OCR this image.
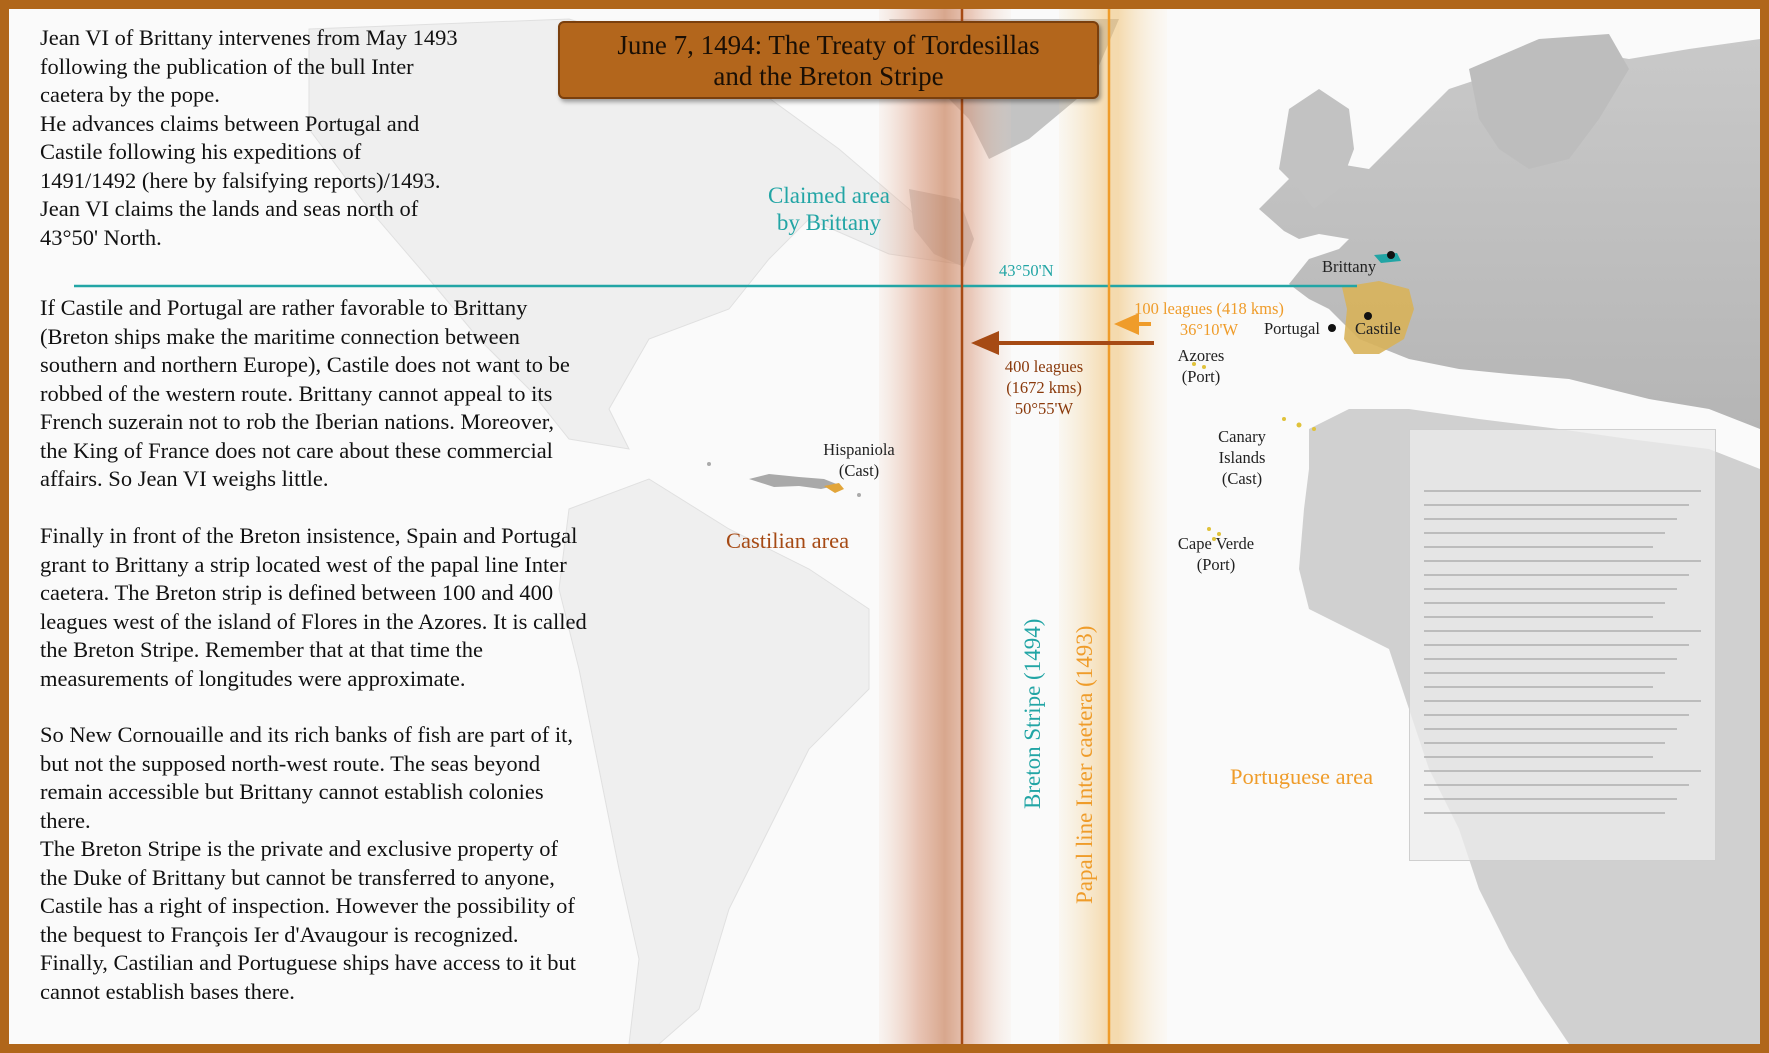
June 7, 1494: The Treaty of Tordesillas
and the Breton Stripe
Jean VI of Brittany intervenes from May 1493
following the publication of the bull Inter
caetera by the pope.
He advances claims between Portugal and
Castile following his expeditions of
1491/1492 (here by falsifying reports)/1493.
Jean VI claims the lands and seas north of
43°50' North.
If Castile and Portugal are rather favorable to Brittany
(Breton ships make the maritime connection between
southern and northern Europe), Castile does not want to be
robbed of the western route. Brittany cannot appeal to its
French suzerain not to rob the Iberian nations. Moreover,
the King of France does not care about these commercial
affairs. So Jean VI weighs little.
Finally in front of the Breton insistence, Spain and Portugal
grant to Brittany a strip located west of the papal line Inter
caetera. The Breton strip is defined between 100 and 400
leagues west of the island of Flores in the Azores. It is called
the Breton Stripe. Remember that at that time the
measurements of longitudes were approximate.
So New Cornouaille and its rich banks of fish are part of it,
but not the supposed north-west route. The seas beyond
remain accessible but Brittany cannot establish colonies
there.
The Breton Stripe is the private and exclusive property of
the Duke of Brittany but cannot be transferred to anyone,
Castile has a right of inspection. However the possibility of
the bequest to François Ier d'Avaugour is recognized.
Finally, Castilian and Portuguese ships have access to it but
cannot establish bases there.
Claimed area
by Brittany
43°50'N
100 leagues (418 kms)
36°10'W
400 leagues
(1672 kms)
50°55'W
Brittany
Portugal Castile
Azores
(Port)
Canary
Islands
(Cast)
Cape Verde
(Port)
Hispaniola
(Cast)
Castilian area
Portuguese area
Breton Stripe (1494) Papal line Inter caetera (1493)
